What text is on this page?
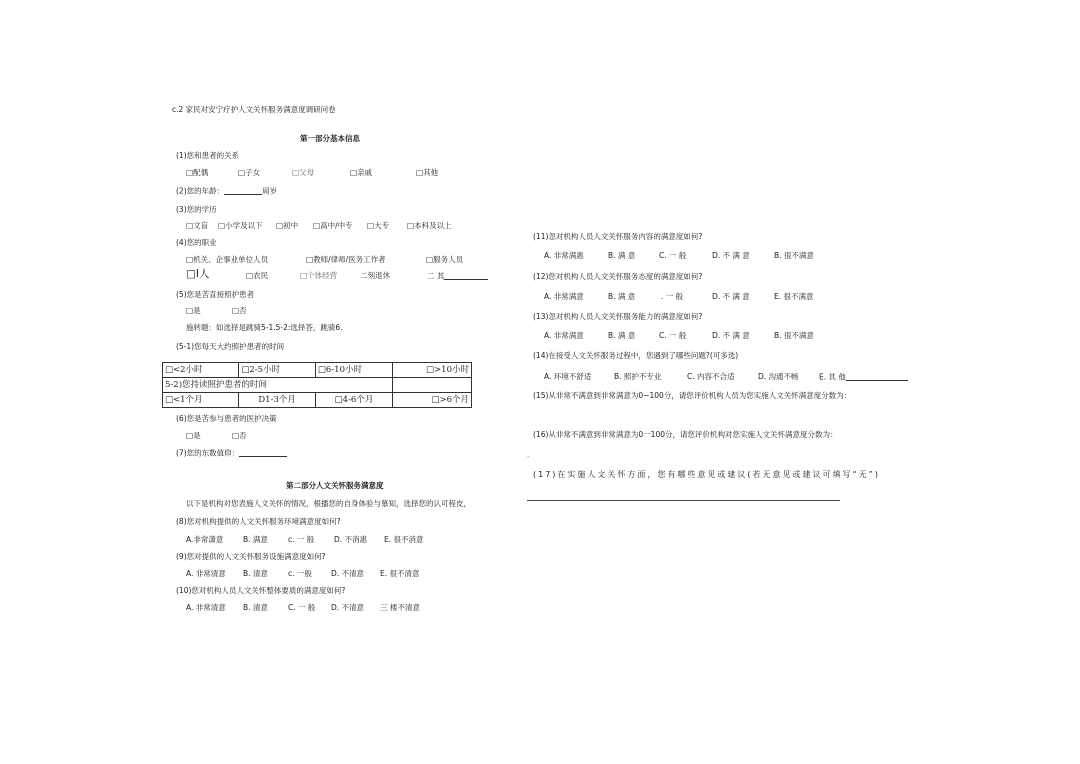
c.2 家民对安宁疗护人文关怀服务满意度调研问卷
第一部分基本信息
(1)您和患者的关系
□配偶	□子女	□父母	□亲戚	□其他
(2)您的年龄：	周岁
(3)您的学历
□文盲 □小学及以下 □初中 □高中/中专 □大专 □本科及以上
(4)您的职业
□机关、企事业单位人员	□教师/律师/医务工作者	□服务人员
□Ⅰ人	□农民	□个体经营	二刻退休	二 其
(5)您是苦直接照护患者
□是	□否
施转题：如选择是跳骑5-1.5-2:选择答，跳骑6.
(5-1)您每天大约照护患者的时间
□<2小时	□2-5小时	□6-10小时	□>10小时
5-2)您持读照护患者的时间			
□<1个月	D1-3个月	□4-6个月	□>6个月
(6)您是苦参与患者的医护决策
□是	□否
(7)您的东数值仰：
第二部分人文关怀服务满意度
以下是机构对您表施人文关怀的情况，根播您的自身体验与慕知，选择您的认可程皮，
(8)您对机构提供的人文关怀服务环境满意度如何?
A.非常潇意	B. 满意	c. 一 般	D. 不消惠 E. 很不消意
(9)您对提供的人文关怀服务设施满意度如何?
A. 非常清意 B. 清意	c. 一般	D. 不清意 E. 很不清意
(10)您对机构人员人文关怀整体要质的满意度如何?
A. 非常清意 B. 清意	C. 一 般 D. 不清意 三 楼不清意
(11)忽对机构人员人文关怀服务内容的满意度如何?
A. 非常满惠	B. 满 意	C. 一 般	D. 不 满 意	B. 很不满意
(12)您对机构人员人文关怀服务态度的满意度如何?
A. 非常满意	B. 满 意	. 一 般	D. 不 满 意	E. 很不满意
(13)忽对机构人员人文关怀服务能力的满意度如何?
A. 非常满意	B. 满 意	C. 一 般	D. 不 满 意	B. 很不满意
(14)在接受人文关怀服务过程中，您遇到了哪些问题?(可多选)
A. 环境不舒适	B. 照护不专业	C. 内容不合适	D. 沟通不畅	E. 其 他
(15)从非常不满意到非常满意为0~100分，请您评价机构人员为您实施人文关怀满意度分数为：
(16)从非常不满意到非常满意为0一100分，请您评价机构对您实施人文关怀满意度分数为：
-
(17)在实施人文关怀方面，您有哪些意见或建议(若无意见或建议可填写“无”)
